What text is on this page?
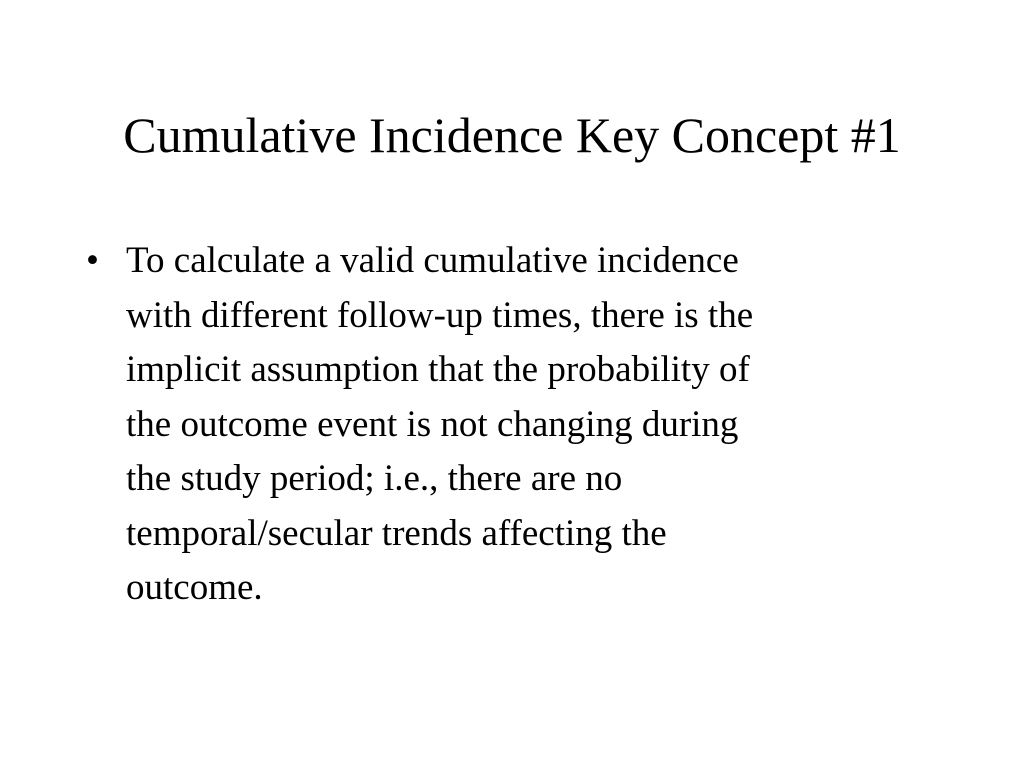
Cumulative Incidence Key Concept #1
• To calculate a valid cumulative incidence
with different follow-up times, there is the
implicit assumption that the probability of
the outcome event is not changing during
the study period; i.e., there are no
temporal/secular trends affecting the
outcome.
